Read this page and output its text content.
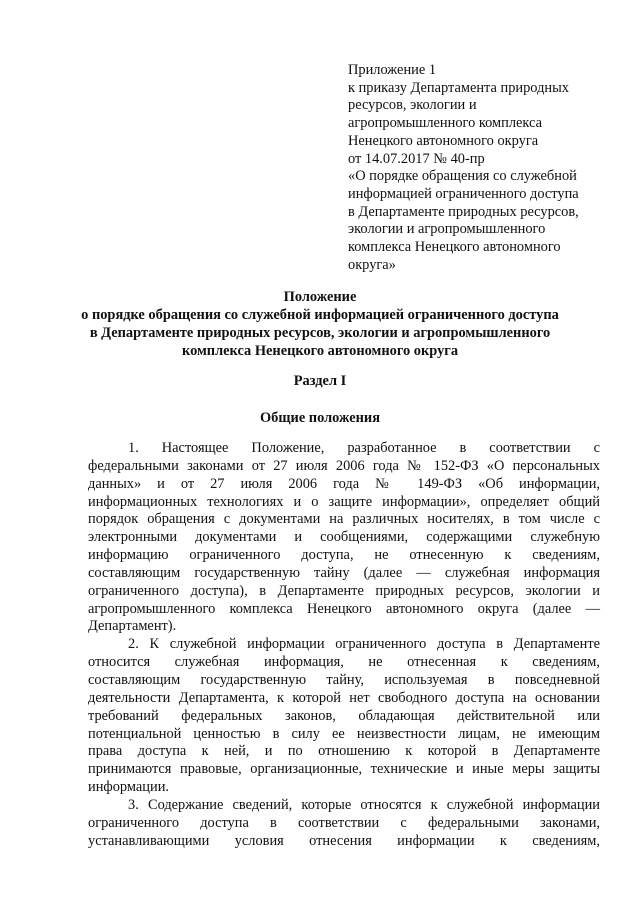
Приложение 1
к приказу Департамента природных
ресурсов, экологии и
агропромышленного комплекса
Ненецкого автономного округа
от 14.07.2017 № 40-пр
«О порядке обращения со служебной
информацией ограниченного доступа
в Департаменте природных ресурсов,
экологии и агропромышленного
комплекса Ненецкого автономного
округа»
Положение
о порядке обращения со служебной информацией ограниченного доступа
в Департаменте природных ресурсов, экологии и агропромышленного
комплекса Ненецкого автономного округа
Раздел I
Общие положения
1. Настоящее Положение, разработанное в соответствии с
федеральными законами от 27 июля 2006 года № 152-ФЗ «О персональных
данных» и от 27 июля 2006 года № 149-ФЗ «Об информации,
информационных технологиях и о защите информации», определяет общий
порядок обращения с документами на различных носителях, в том числе с
электронными документами и сообщениями, содержащими служебную
информацию ограниченного доступа, не отнесенную к сведениям,
составляющим государственную тайну (далее — служебная информация
ограниченного доступа), в Департаменте природных ресурсов, экологии и
агропромышленного комплекса Ненецкого автономного округа (далее —
Департамент).
2. К служебной информации ограниченного доступа в Департаменте
относится служебная информация, не отнесенная к сведениям,
составляющим государственную тайну, используемая в повседневной
деятельности Департамента, к которой нет свободного доступа на основании
требований федеральных законов, обладающая действительной или
потенциальной ценностью в силу ее неизвестности лицам, не имеющим
права доступа к ней, и по отношению к которой в Департаменте
принимаются правовые, организационные, технические и иные меры защиты
информации.
3. Содержание сведений, которые относятся к служебной информации
ограниченного доступа в соответствии с федеральными законами,
устанавливающими условия отнесения информации к сведениям,
